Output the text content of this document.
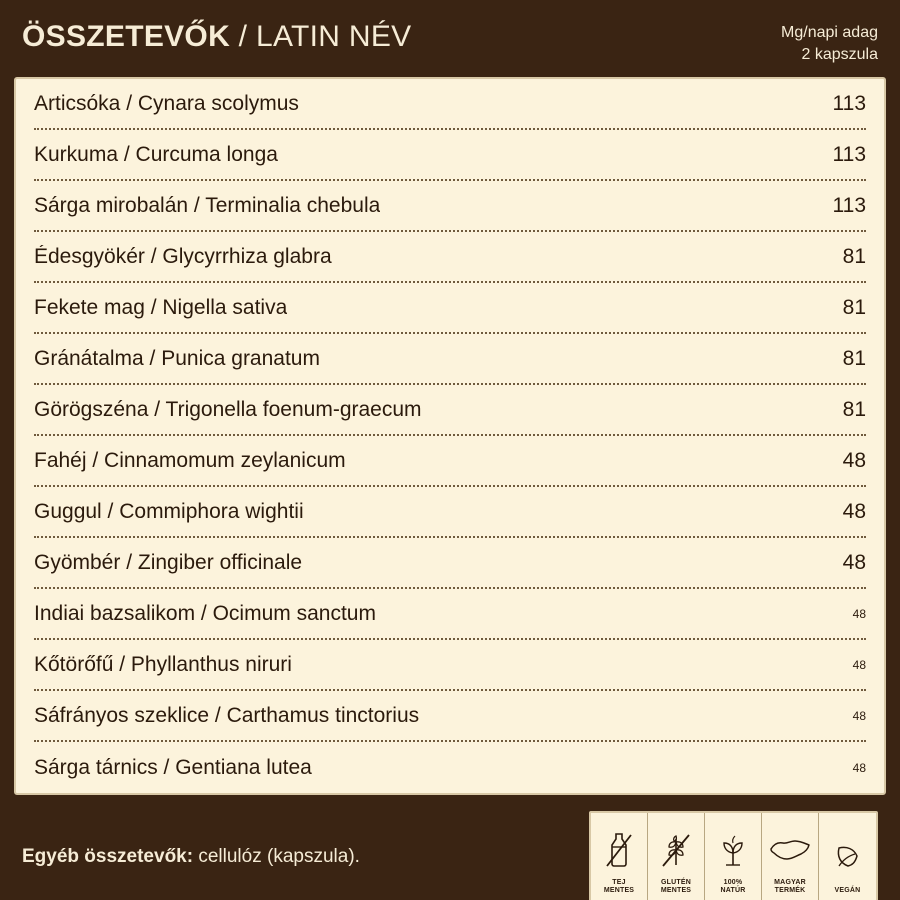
ÖSSZETEVŐK / LATIN NÉV	Mg/napi adag
2 kapszula
Articsóka / Cynara scolymus	113
Kurkuma / Curcuma longa	113
Sárga mirobalán / Terminalia chebula	113
Édesgyökér / Glycyrrhiza glabra	81
Fekete mag / Nigella sativa	81
Gránátalma / Punica granatum	81
Görögszéna / Trigonella foenum-graecum	81
Fahéj / Cinnamomum zeylanicum	48
Guggul / Commiphora wightii	48
Gyömbér / Zingiber officinale	48
Indiai bazsalikom / Ocimum sanctum	48
Kőtörőfű / Phyllanthus niruri	48
Sáfrányos szeklice / Carthamus tinctorius	48
Sárga tárnics / Gentiana lutea	48
Egyéb összetevők: cellulóz (kapszula).
TEJ
MENTES
GLUTÉN
MENTES
100%
NATÚR
MAGYAR
TERMÉK	VEGÁN
